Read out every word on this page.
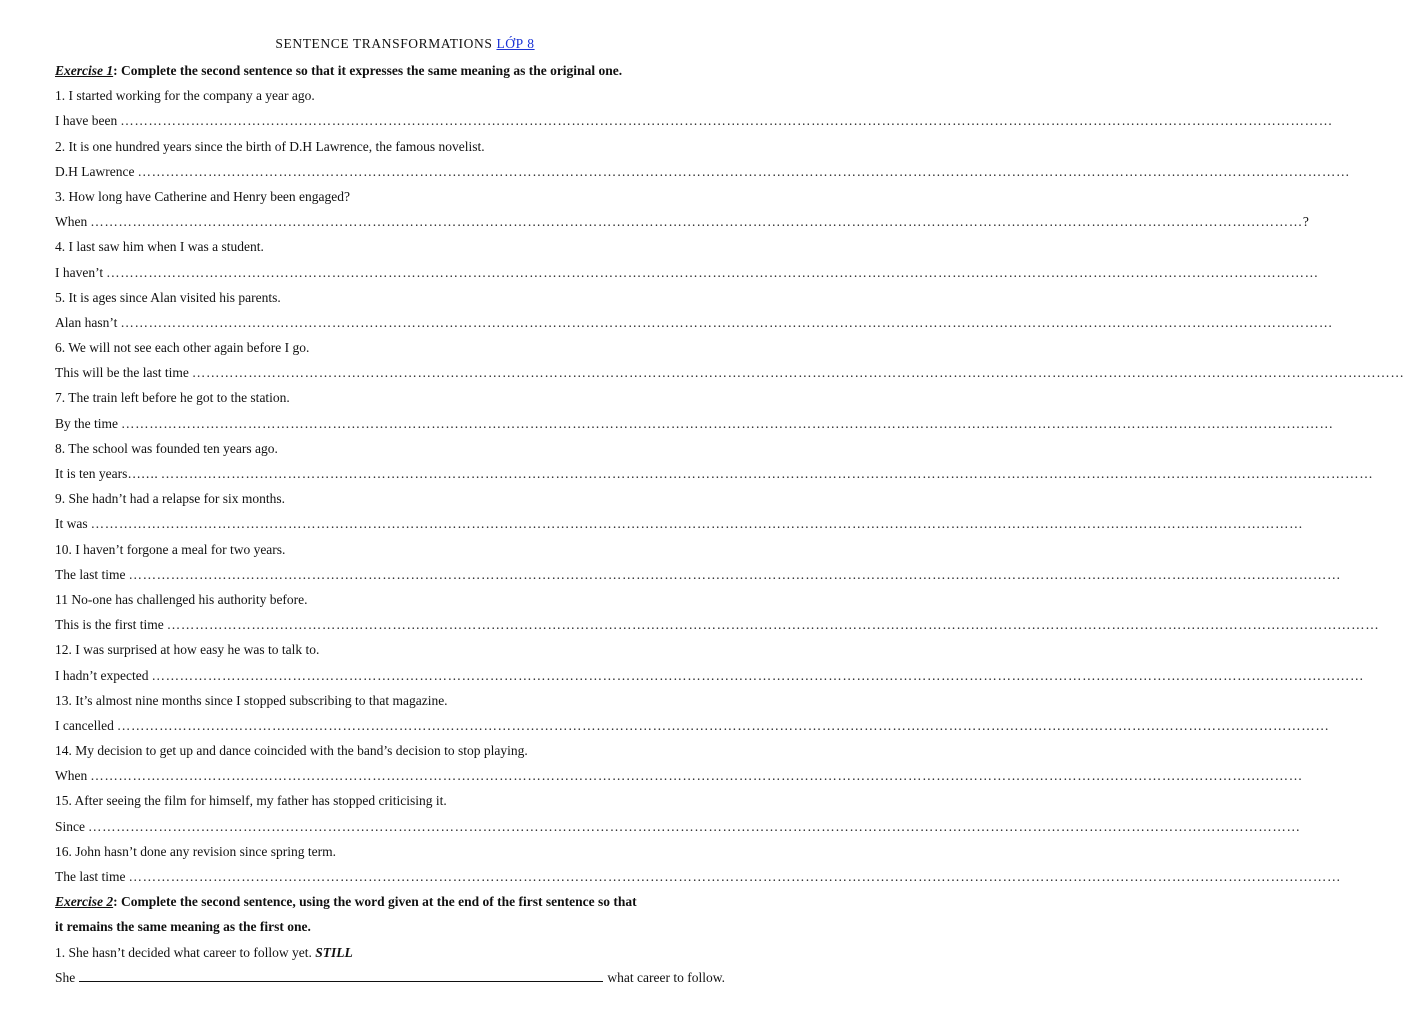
SENTENCE TRANSFORMATIONS LỚP 8
Exercise 1: Complete the second sentence so that it expresses the same meaning as the original one.
1. I started working for the company a year ago.
I have been ……………………………………………………………………………………………………………………………………………………………………………………………………………………………………
2. It is one hundred years since the birth of D.H Lawrence, the famous novelist.
D.H Lawrence ……………………………………………………………………………………………………………………………………………………………………………………………………………………………………
3. How long have Catherine and Henry been engaged?
When …………………………………………………………………………………………………………………………………………………………………………………………………………………………………… ?
4. I last saw him when I was a student.
I haven’t ……………………………………………………………………………………………………………………………………………………………………………………………………………………………………
5. It is ages since Alan visited his parents.
Alan hasn’t ……………………………………………………………………………………………………………………………………………………………………………………………………………………………………
6. We will not see each other again before I go.
This will be the last time ……………………………………………………………………………………………………………………………………………………………………………………………………………………………………
7. The train left before he got to the station.
By the time ……………………………………………………………………………………………………………………………………………………………………………………………………………………………………
8. The school was founded ten years ago.
It is ten years……. ……………………………………………………………………………………………………………………………………………………………………………………………………………………………………
9. She hadn’t had a relapse for six months.
It was ……………………………………………………………………………………………………………………………………………………………………………………………………………………………………
10. I haven’t forgone a meal for two years.
The last time ……………………………………………………………………………………………………………………………………………………………………………………………………………………………………
11 No-one has challenged his authority before.
This is the first time ……………………………………………………………………………………………………………………………………………………………………………………………………………………………………
12. I was surprised at how easy he was to talk to.
I hadn’t expected ……………………………………………………………………………………………………………………………………………………………………………………………………………………………………
13. It’s almost nine months since I stopped subscribing to that magazine.
I cancelled ……………………………………………………………………………………………………………………………………………………………………………………………………………………………………
14. My decision to get up and dance coincided with the band’s decision to stop playing.
When ……………………………………………………………………………………………………………………………………………………………………………………………………………………………………
15. After seeing the film for himself, my father has stopped criticising it.
Since ……………………………………………………………………………………………………………………………………………………………………………………………………………………………………
16. John hasn’t done any revision since spring term.
The last time ……………………………………………………………………………………………………………………………………………………………………………………………………………………………………
Exercise 2: Complete the second sentence, using the word given at the end of the first sentence so that
it remains the same meaning as the first one.
1. She hasn’t decided what career to follow yet. STILL
She	what career to follow.
